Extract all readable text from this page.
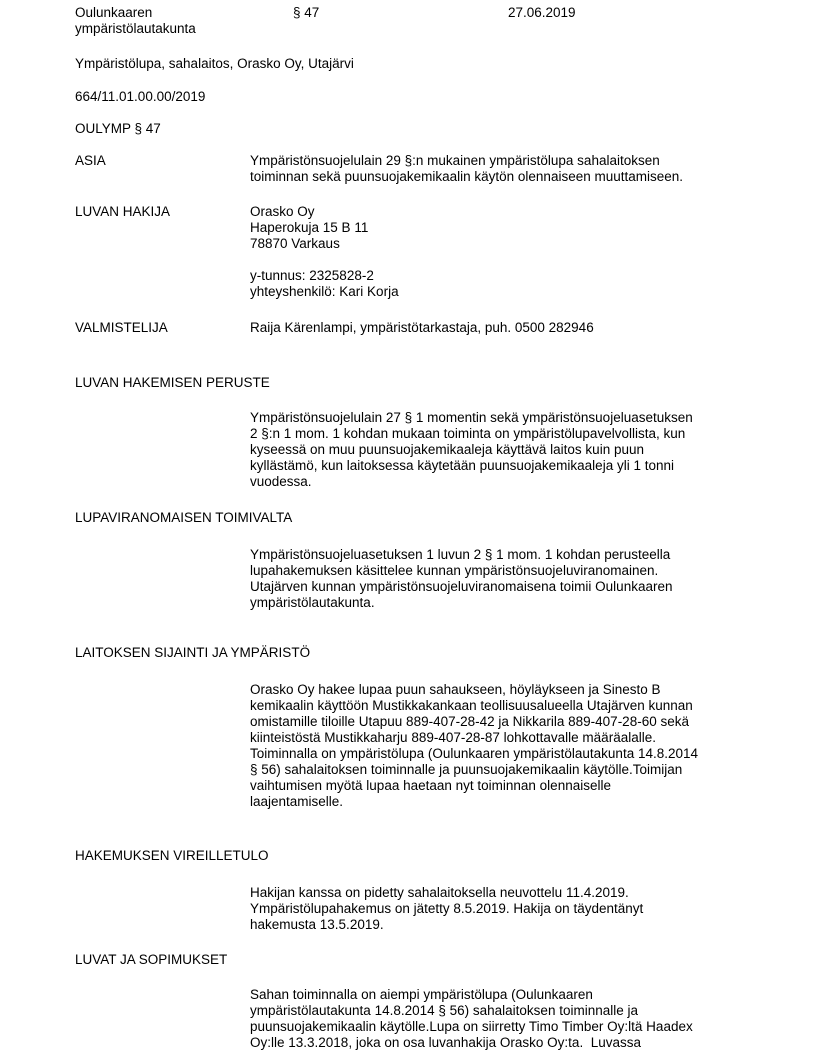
Oulunkaaren
ympäristölautakunta
§ 47	27.06.2019
Ympäristölupa, sahalaitos, Orasko Oy, Utajärvi
664/11.01.00.00/2019
OULYMP § 47
ASIA	Ympäristönsuojelulain 29 §:n mukainen ympäristölupa sahalaitoksen
toiminnan sekä puunsuojakemikaalin käytön olennaiseen muuttamiseen.
LUVAN HAKIJA	Orasko Oy
Haperokuja 15 B 11
78870 Varkaus

y-tunnus: 2325828-2
yhteyshenkilö: Kari Korja
VALMISTELIJA	Raija Kärenlampi, ympäristötarkastaja, puh. 0500 282946
LUVAN HAKEMISEN PERUSTE
Ympäristönsuojelulain 27 § 1 momentin sekä ympäristönsuojeluasetuksen
2 §:n 1 mom. 1 kohdan mukaan toiminta on ympäristölupavelvollista, kun
kyseessä on muu puunsuojakemikaaleja käyttävä laitos kuin puun
kyllästämö, kun laitoksessa käytetään puunsuojakemikaaleja yli 1 tonni
vuodessa.
LUPAVIRANOMAISEN TOIMIVALTA
Ympäristönsuojeluasetuksen 1 luvun 2 § 1 mom. 1 kohdan perusteella
lupahakemuksen käsittelee kunnan ympäristönsuojeluviranomainen.
Utajärven kunnan ympäristönsuojeluviranomaisena toimii Oulunkaaren
ympäristölautakunta.
LAITOKSEN SIJAINTI JA YMPÄRISTÖ
Orasko Oy hakee lupaa puun sahaukseen, höyläykseen ja Sinesto B
kemikaalin käyttöön Mustikkakankaan teollisuusalueella Utajärven kunnan
omistamille tiloille Utapuu 889-407-28-42 ja Nikkarila 889-407-28-60 sekä
kiinteistöstä Mustikkaharju 889-407-28-87 lohkottavalle määräalalle.
Toiminnalla on ympäristölupa (Oulunkaaren ympäristölautakunta 14.8.2014
§ 56) sahalaitoksen toiminnalle ja puunsuojakemikaalin käytölle.Toimijan
vaihtumisen myötä lupaa haetaan nyt toiminnan olennaiselle
laajentamiselle.
HAKEMUKSEN VIREILLETULO
Hakijan kanssa on pidetty sahalaitoksella neuvottelu 11.4.2019.
Ympäristölupahakemus on jätetty 8.5.2019. Hakija on täydentänyt
hakemusta 13.5.2019.
LUVAT JA SOPIMUKSET
Sahan toiminnalla on aiempi ympäristölupa (Oulunkaaren
ympäristölautakunta 14.8.2014 § 56) sahalaitoksen toiminnalle ja
puunsuojakemikaalin käytölle.Lupa on siirretty Timo Timber Oy:ltä Haadex
Oy:lle 13.3.2018, joka on osa luvanhakija Orasko Oy:ta.  Luvassa
